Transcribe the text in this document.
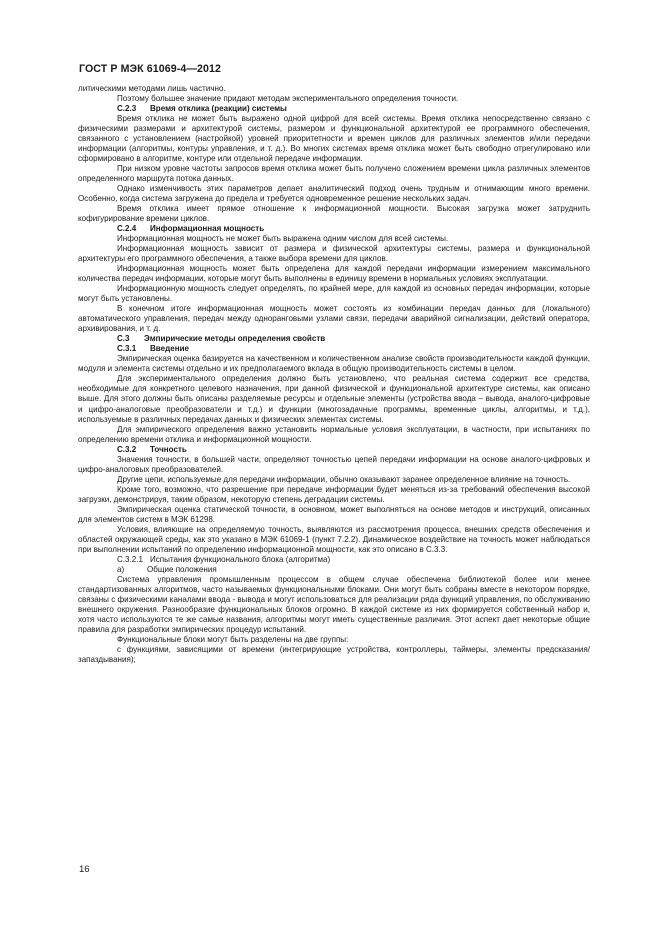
ГОСТ Р МЭК 61069-4—2012
литическими методами лишь частично.
Поэтому большее значение придают методам экспериментального определения точности.
С.2.3 Время отклика (реакции) системы
Время отклика не может быть выражено одной цифрой для всей системы. Время отклика непосредственно связано с физическими размерами и архитектурой системы, размером и функциональной архитектурой ее программного обеспечения, связанного с установлением (настройкой) уровней приоритетности и времен циклов для различных элементов и/или передачи информации (алгоритмы, контуры управления, и т. д.). Во многих системах время отклика может быть свободно отрегулировано или сформировано в алгоритме, контуре или отдельной передаче информации.
При низком уровне частоты запросов время отклика может быть получено сложением времени цикла различных элементов определенного маршрута потока данных.
Однако изменчивость этих параметров делает аналитический подход очень трудным и отнимающим много времени. Особенно, когда система загружена до предела и требуется одновременное решение нескольких задач.
Время отклика имеет прямое отношение к информационной мощности. Высокая загрузка может затруднить кофигурирование времени циклов.
С.2.4 Информационная мощность
Информационная мощность не может быть выражена одним числом для всей системы.
Информационная мощность зависит от размера и физической архитектуры системы, размера и функциональной архитектуры его программного обеспечения, а также выбора времени для циклов.
Информационная мощность может быть определена для каждой передачи информации измерением максимального количества передач информации, которые могут быть выполнены в единицу времени в нормальных условиях эксплуатации.
Информационную мощность следует определять, по крайней мере, для каждой из основных передач информации, которые могут быть установлены.
В конечном итоге информационная мощность может состоять из комбинации передач данных для (локального) автоматического управления, передач между одноранговыми узлами связи, передачи аварийной сигнализации, действий оператора, архивирования, и т. д.
С.3 Эмпирические методы определения свойств
С.3.1 Введение
Эмпирическая оценка базируется на качественном и количественном анализе свойств производительности каждой функции, модуля и элемента системы отдельно и их предполагаемого вклада в общую производительность системы в целом.
Для экспериментального определения должно быть установлено, что реальная система содержит все средства, необходимые для конкретного целевого назначения, при данной физической и функциональной архитектуре системы, как описано выше. Для этого должны быть описаны разделяемые ресурсы и отдельные элементы (устройства ввода – вывода, аналого-цифровые и цифро-аналоговые преобразователи и т.д.) и функции (многозадачные программы, временные циклы, алгоритмы, и т.д.), используемые в различных передачах данных и физических элементах системы.
Для эмпирического определения важно установить нормальные условия эксплуатации, в частности, при испытаниях по определению времени отклика и информационной мощности.
С.3.2 Точность
Значения точности, в большей части, определяют точностью цепей передачи информации на основе аналого-цифровых и цифро-аналоговых преобразователей.
Другие цепи, используемые для передачи информации, обычно оказывают заранее определенное влияние на точность.
Кроме того, возможно, что разрешение при передаче информации будет меняться из-за требований обеспечения высокой загрузки, демонстрируя, таким образом, некоторую степень деградации системы.
Эмпирическая оценка статической точности, в основном, может выполняться на основе методов и инструкций, описанных для элементов систем в МЭК 61298.
Условия, влияющие на определяемую точность, выявляются из рассмотрения процесса, внешних средств обеспечения и областей окружающей среды, как это указано в МЭК 61069-1 (пункт 7.2.2). Динамическое воздействие на точность может наблюдаться при выполнении испытаний по определению информационной мощности, как это описано в С.3.3.
С.3.2.1 Испытания функционального блока (алгоритма)
а)	Общие положения
Система управления промышленным процессом в общем случае обеспечена библиотекой более или менее стандартизованных алгоритмов, часто называемых функциональными блоками. Они могут быть собраны вместе в некотором порядке, связаны с физическими каналами ввода - вывода и могут использоваться для реализации ряда функций управления, по обслуживанию внешнего окружения. Разнообразие функциональных блоков огромно. В каждой системе из них формируется собственный набор и, хотя часто используются те же самые названия, алгоритмы могут иметь существенные различия. Этот аспект дает некоторые общие правила для разработки эмпирических процедур испытаний.
Функциональные блоки могут быть разделены на две группы:
с функциями, зависящими от времени (интегрирующие устройства, контроллеры, таймеры, элементы предсказания/запаздывания);
16
